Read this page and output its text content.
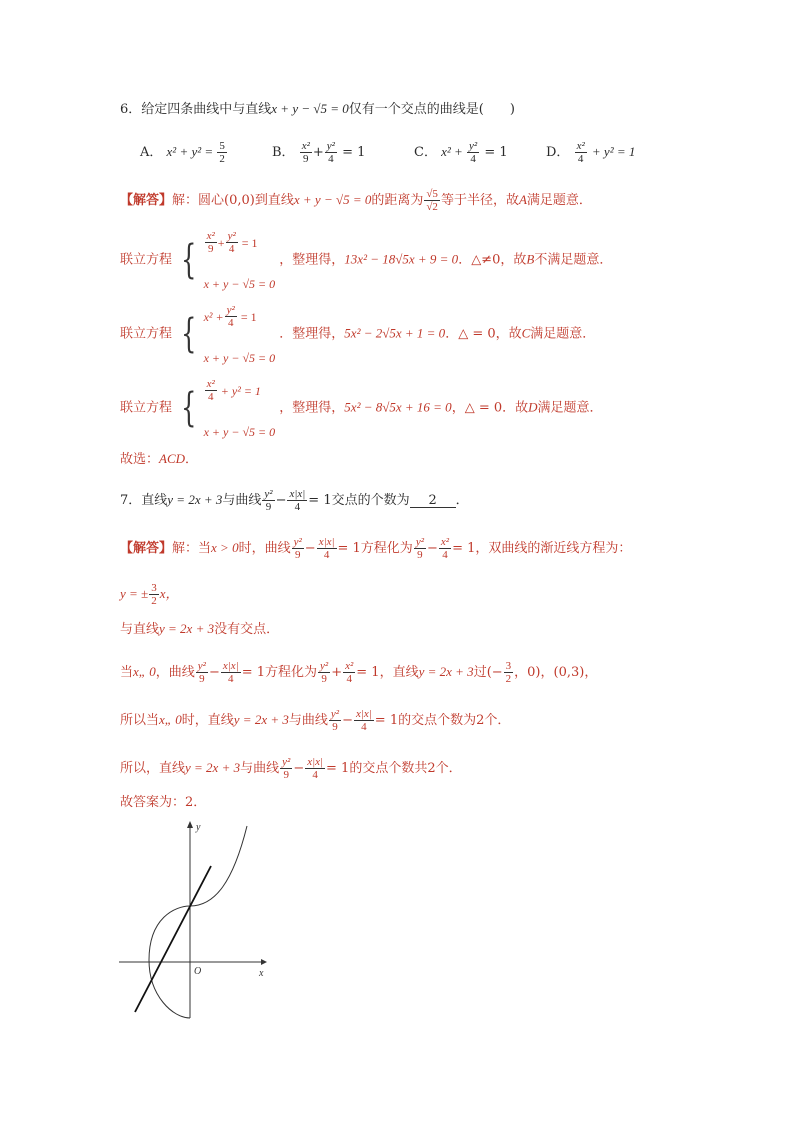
6．给定四条曲线中与直线x + y − √5 = 0仅有一个交点的曲线是(　　)
A． $x^2 + y^2 = \frac{5}{2}$	B． $\frac{\text{x²}}{9} + \frac{\text{y²}}{4} = 1$	C． $x^2 + \frac{\text{y²}}{4} = 1$	D． $\frac{\text{x²}}{4} + y^2 = 1$
【解答】解：圆心(0,0)到直线x + y − √5 = 0的距离为 $\frac{√5}{√2}$ 等于半径，故A满足题意．
联立方程 { $\frac{\text{x²}}{9} + \frac{\text{y²}}{4}$
= 1
x + y − √5 = 0
，整理得，13x² − 18√5x + 9 = 0．△≠0，故B不满足题意．
联立方程 { $x^2 + \frac{\text{y²}}{4}$
= 1
x + y − √5 = 0
．整理得，5x² − 2√5x + 1 = 0．△ = 0，故C满足题意．
联立方程 { $\frac{\text{x²}}{4}$
+ y² = 1
x + y − √5 = 0
，整理得，5x² − 8√5x + 16 = 0，△ = 0．故D满足题意．
故选：ACD．
7．直线y = 2x + 3与曲线 $\frac{\text{y²}}{9} - \frac{x|x|}{4} = 1$交点的个数为 2 ．
【解答】解：当x > 0时，曲线 $\frac{\text{y²}}{9} - \frac{x|x|}{4} = 1$方程化为 $\frac{\text{y²}}{9} - \frac{\text{x²}}{4} = 1$，双曲线的渐近线方程为：
y = ± $\frac{3}{2}$ x，
与直线y = 2x + 3没有交点．
当x„ 0，曲线 $\frac{\text{y²}}{9} - \frac{x|x|}{4} = 1$方程化为 $\frac{\text{y²}}{9} + \frac{\text{x²}}{4} = 1$，直线y = 2x + 3过(− $\frac{3}{2}$ ，0)，(0,3)，
所以当x„ 0时，直线y = 2x + 3与曲线 $\frac{\text{y²}}{9} - \frac{x|x|}{4} = 1$的交点个数为2个．
所以，直线y = 2x + 3与曲线 $\frac{\text{y²}}{9} - \frac{x|x|}{4} = 1$的交点个数共2个．
故答案为：2．
x
y
O
